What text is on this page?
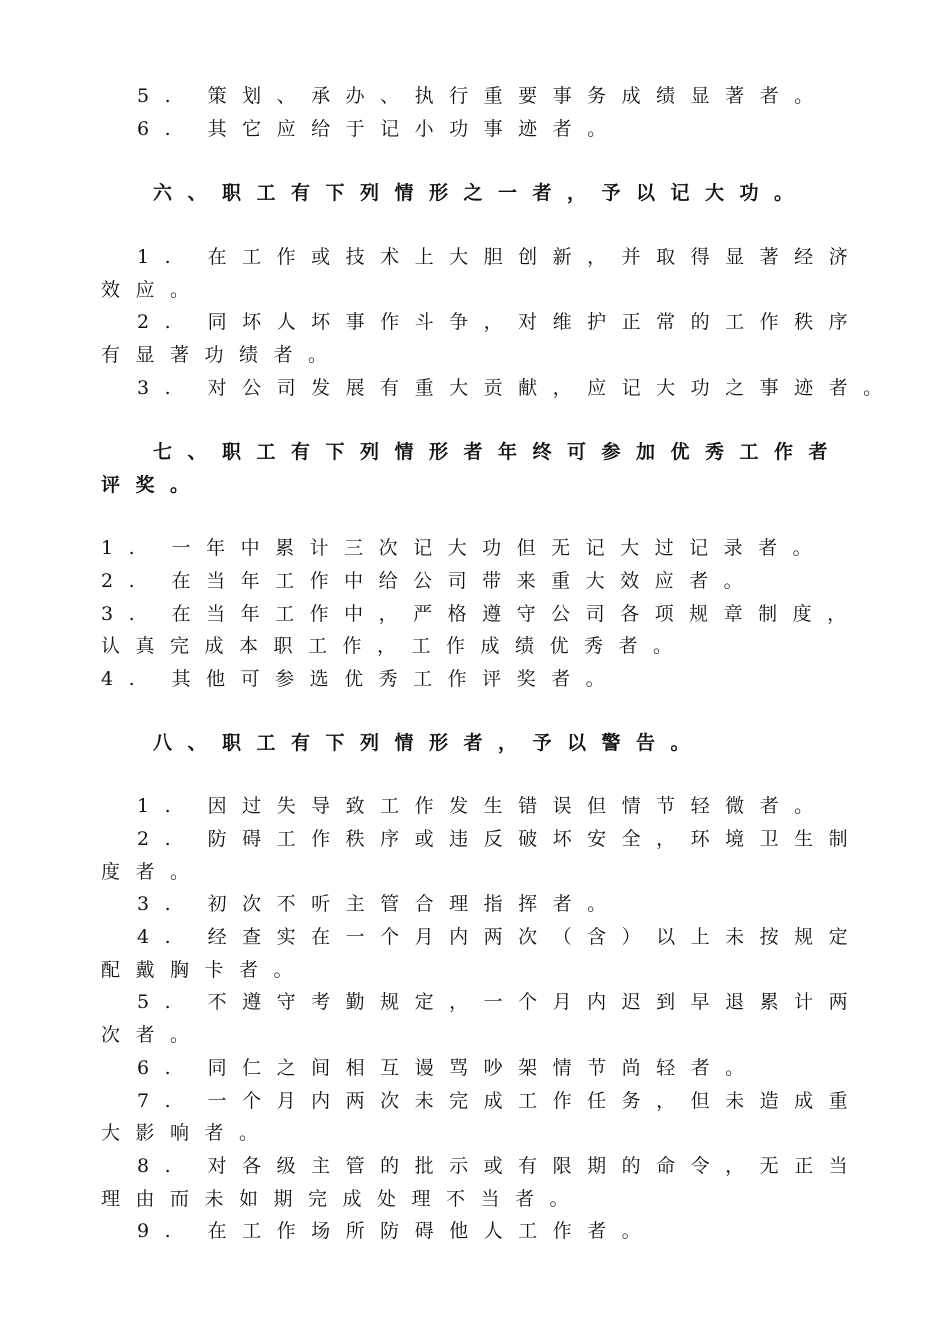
5. 策划、承办、执行重要事务成绩显著者。

6. 其它应给于记小功事迹者。

六、职工有下列情形之一者，予以记大功。

1. 在工作或技术上大胆创新，并取得显著经济

效应。

2. 同坏人坏事作斗争，对维护正常的工作秩序

有显著功绩者。

3. 对公司发展有重大贡献，应记大功之事迹者。

七、职工有下列情形者年终可参加优秀工作者

评奖。

1. 一年中累计三次记大功但无记大过记录者。

2. 在当年工作中给公司带来重大效应者。

3. 在当年工作中，严格遵守公司各项规章制度，

认真完成本职工作，工作成绩优秀者。

4. 其他可参选优秀工作评奖者。

八、职工有下列情形者，予以警告。

1. 因过失导致工作发生错误但情节轻微者。

2. 防碍工作秩序或违反破坏安全，环境卫生制

度者。

3. 初次不听主管合理指挥者。

4. 经查实在一个月内两次（含）以上未按规定

配戴胸卡者。

5. 不遵守考勤规定，一个月内迟到早退累计两

次者。

6. 同仁之间相互谩骂吵架情节尚轻者。

7. 一个月内两次未完成工作任务，但未造成重

大影响者。

8. 对各级主管的批示或有限期的命令，无正当

理由而未如期完成处理不当者。

9. 在工作场所防碍他人工作者。
